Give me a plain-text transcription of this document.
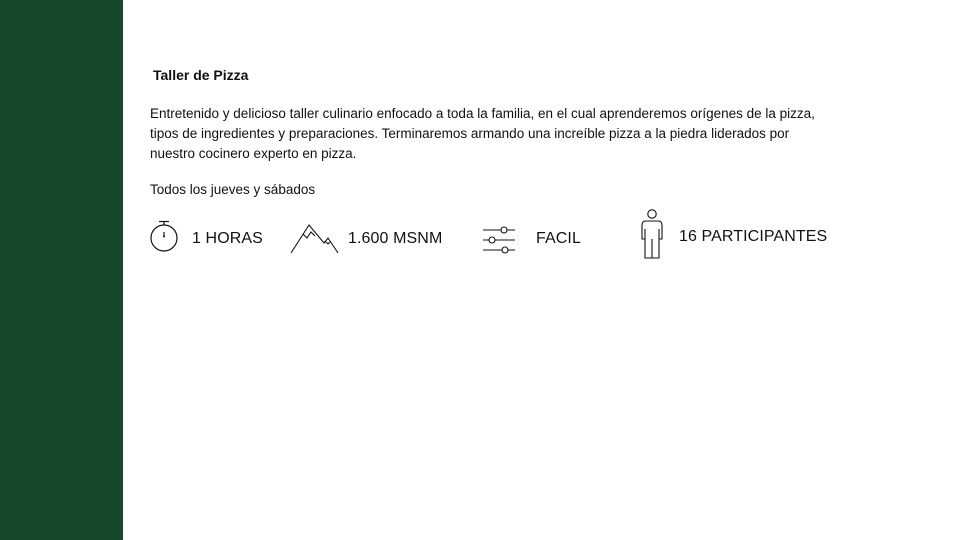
Taller de Pizza
Entretenido y delicioso taller culinario enfocado a toda la familia, en el cual aprenderemos orígenes de la pizza, tipos de ingredientes y preparaciones. Terminaremos armando una increíble pizza a la piedra liderados por nuestro cocinero experto en pizza.
Todos los jueves y sábados
1 HORAS	1.600 MSNM	FACIL	16 PARTICIPANTES
